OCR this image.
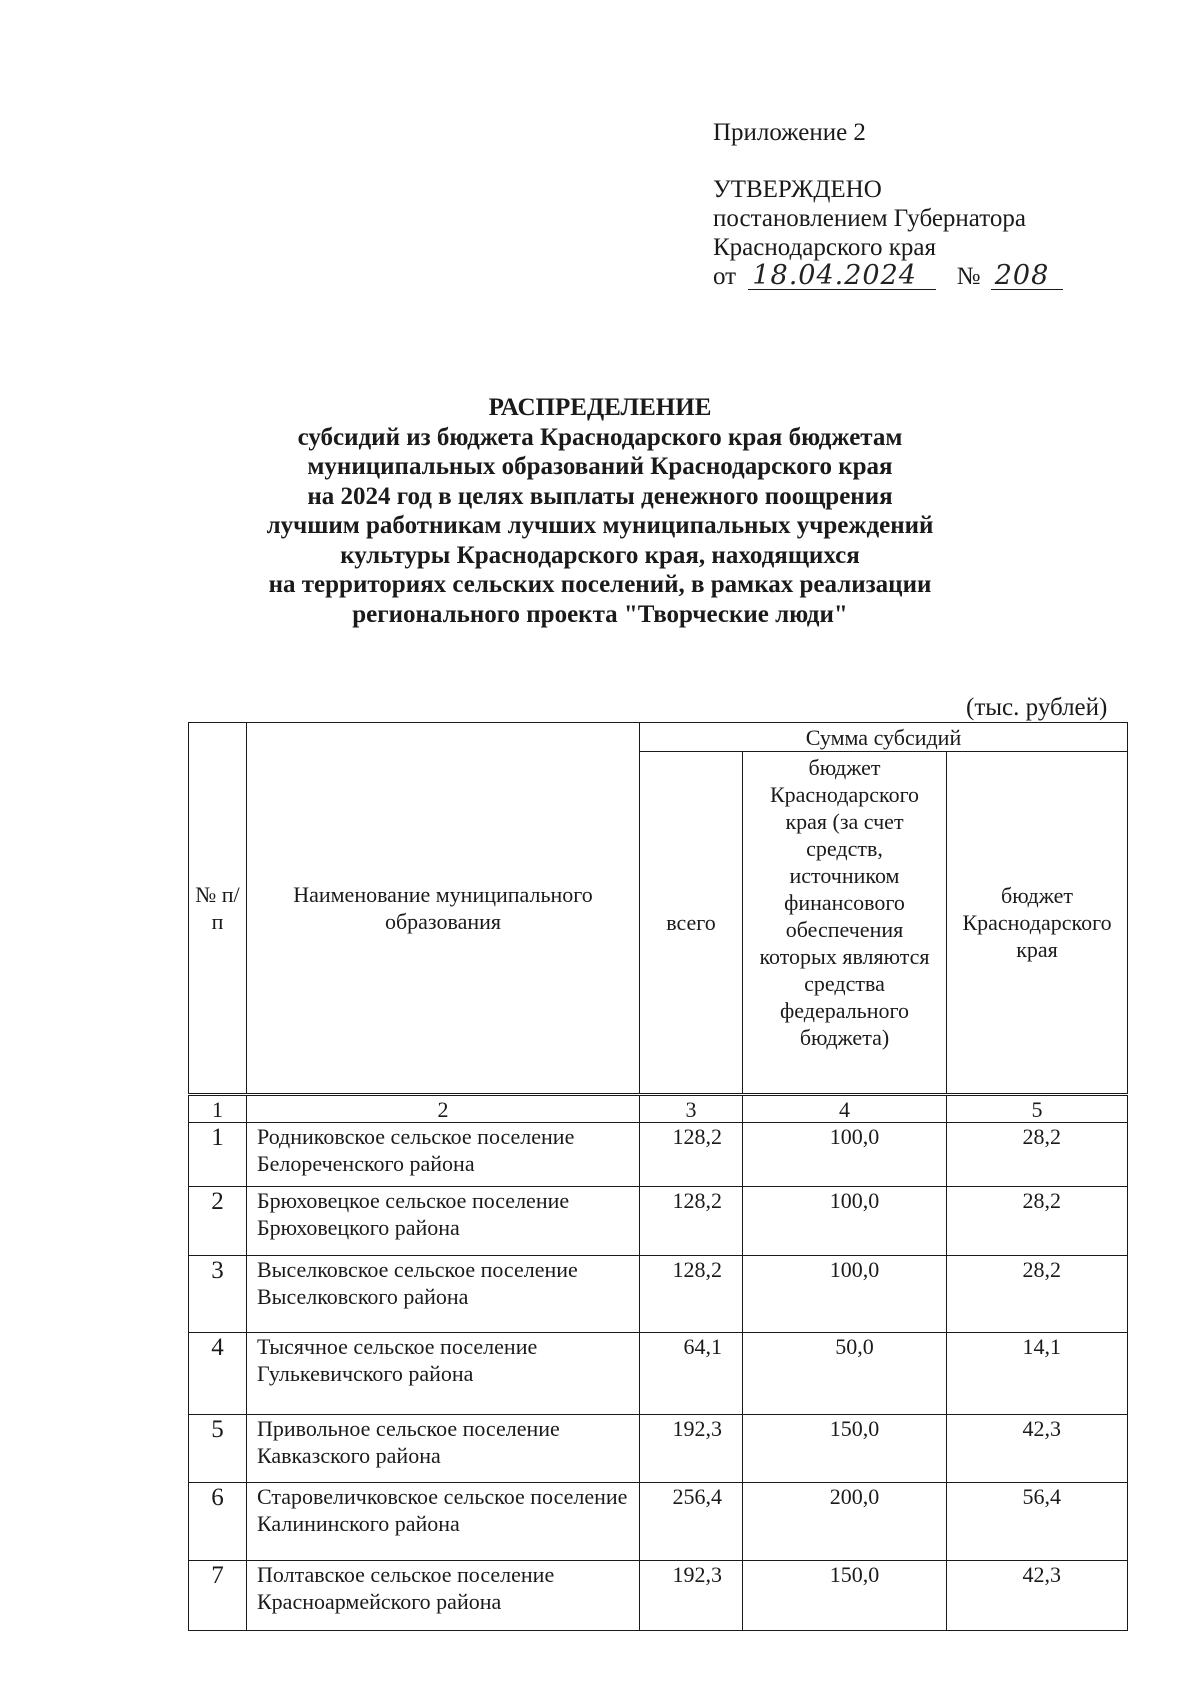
Приложение 2
УТВЕРЖДЕНО
постановлением Губернатора
Краснодарского края
от 18.04.2024 № 208
РАСПРЕДЕЛЕНИЕ
субсидий из бюджета Краснодарского края бюджетам
муниципальных образований Краснодарского края
на 2024 год в целях выплаты денежного поощрения
лучшим работникам лучших муниципальных учреждений
культуры Краснодарского края, находящихся
на территориях сельских поселений, в рамках реализации
регионального проекта "Творческие люди"
(тыс. рублей)
№ п/п	Наименование муниципального образования	Сумма субсидий		
		всего	бюджет Краснодарского края (за счет средств, источником финансового обеспечения которых являются средства федерального бюджета)	бюджет Краснодарского края
1	2	3	4	5
1	Родниковское сельское поселение Белореченского района	128,2	100,0	28,2
2	Брюховецкое сельское поселение Брюховецкого района	128,2	100,0	28,2
3	Выселковское сельское поселение Выселковского района	128,2	100,0	28,2
4	Тысячное сельское поселение Гулькевичского района	64,1	50,0	14,1
5	Привольное сельское поселение Кавказского района	192,3	150,0	42,3
6	Старовеличковское сельское поселение Калининского района	256,4	200,0	56,4
7	Полтавское сельское поселение Красноармейского района	192,3	150,0	42,3
